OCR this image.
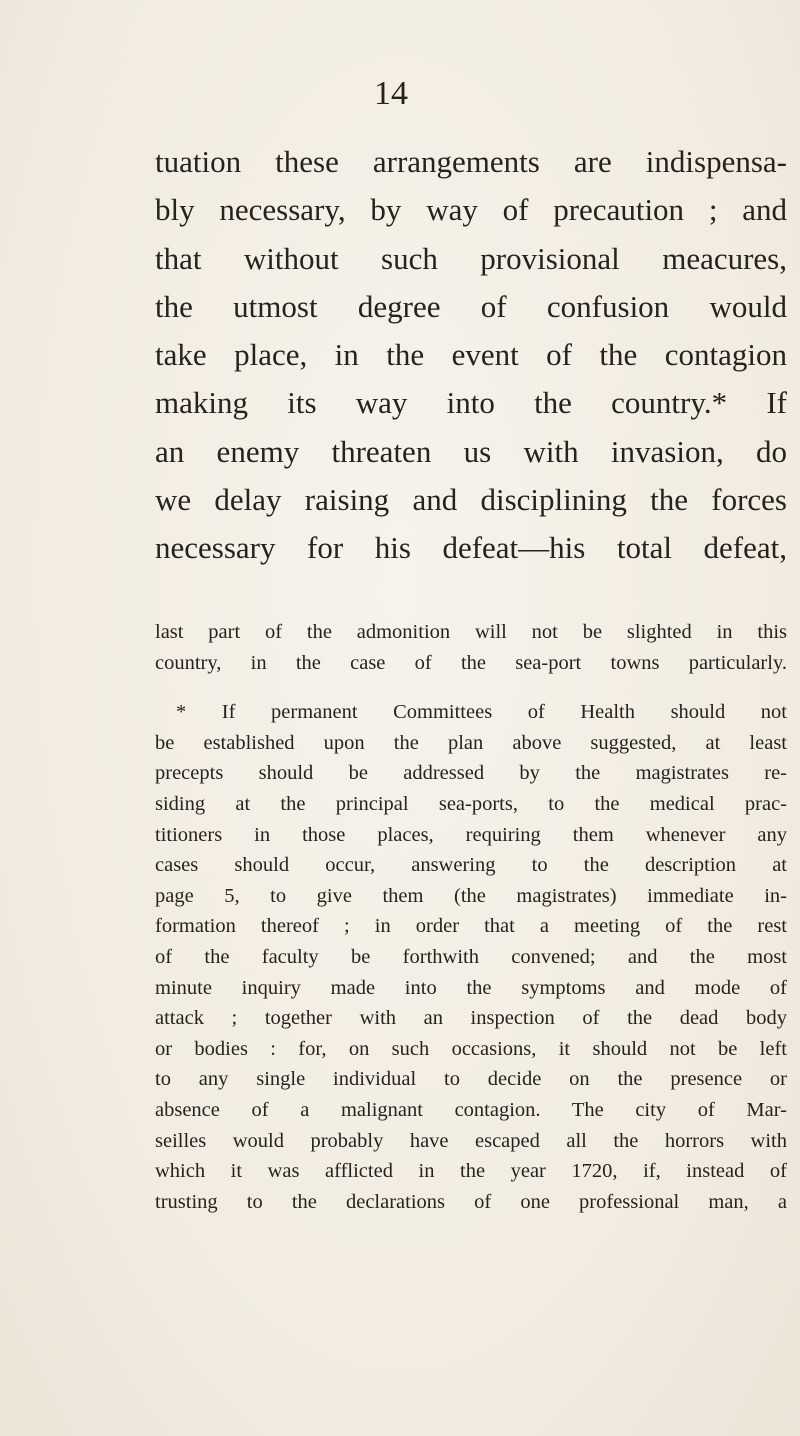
14
tuation these arrangements are indispensa-
bly necessary, by way of precaution ; and
that without such provisional meacures,
the utmost degree of confusion would
take place, in the event of the contagion
making its way into the country.* If
an enemy threaten us with invasion, do
we delay raising and disciplining the forces
necessary for his defeat—his total defeat,
last part of the admonition will not be slighted in this
country, in the case of the sea-port towns particularly.
* If permanent Committees of Health should not
be established upon the plan above suggested, at least
precepts should be addressed by the magistrates re-
siding at the principal sea-ports, to the medical prac-
titioners in those places, requiring them whenever any
cases should occur, answering to the description at
page 5, to give them (the magistrates) immediate in-
formation thereof ; in order that a meeting of the rest
of the faculty be forthwith convened; and the most
minute inquiry made into the symptoms and mode of
attack ; together with an inspection of the dead body
or bodies : for, on such occasions, it should not be left
to any single individual to decide on the presence or
absence of a malignant contagion. The city of Mar-
seilles would probably have escaped all the horrors with
which it was afflicted in the year 1720, if, instead of
trusting to the declarations of one professional man, a
